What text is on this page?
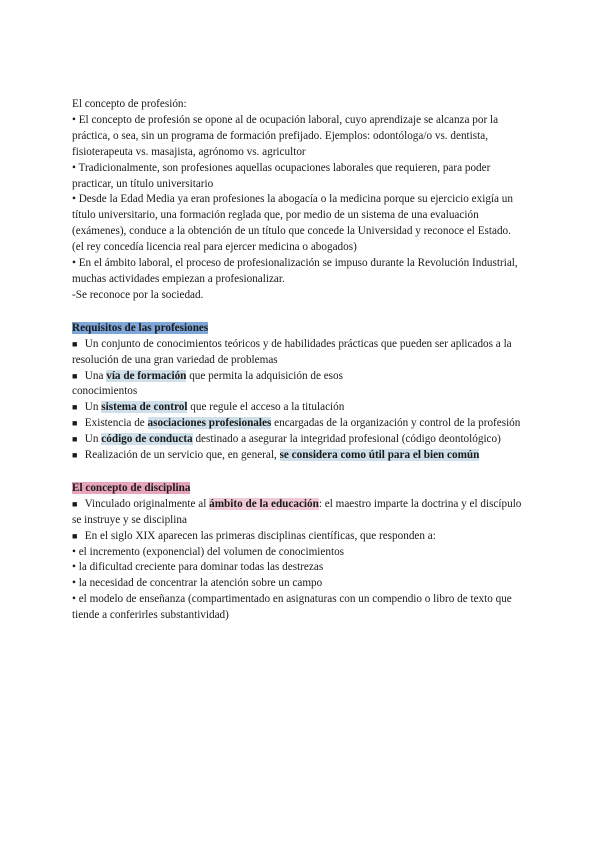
El concepto de profesión:

• El concepto de profesión se opone al de ocupación laboral, cuyo aprendizaje se alcanza por la práctica, o sea, sin un programa de formación prefijado. Ejemplos: odontóloga/o vs. dentista, fisioterapeuta vs. masajista, agrónomo vs. agricultor

• Tradicionalmente, son profesiones aquellas ocupaciones laborales que requieren, para poder practicar, un título universitario

• Desde la Edad Media ya eran profesiones la abogacía o la medicina porque su ejercicio exigía un título universitario, una formación reglada que, por medio de un sistema de una evaluación (exámenes), conduce a la obtención de un título que concede la Universidad y reconoce el Estado. (el rey concedía licencia real para ejercer medicina o abogados)

• En el ámbito laboral, el proceso de profesionalización se impuso durante la Revolución Industrial, muchas actividades empiezan a profesionalizar.

-Se reconoce por la sociedad.

Requisitos de las profesiones

■ Un conjunto de conocimientos teóricos y de habilidades prácticas que pueden ser aplicados a la resolución de una gran variedad de problemas

■ Una vía de formación que permita la adquisición de esos
conocimientos

■ Un sistema de control que regule el acceso a la titulación

■ Existencia de asociaciones profesionales encargadas de la organización y control de la profesión

■ Un código de conducta destinado a asegurar la integridad profesional (código deontológico)

■ Realización de un servicio que, en general, se considera como útil para el bien común

El concepto de disciplina

■ Vinculado originalmente al ámbito de la educación: el maestro imparte la doctrina y el discípulo se instruye y se disciplina

■ En el siglo XIX aparecen las primeras disciplinas científicas, que responden a:

• el incremento (exponencial) del volumen de conocimientos

• la dificultad creciente para dominar todas las destrezas

• la necesidad de concentrar la atención sobre un campo

• el modelo de enseñanza (compartimentado en asignaturas con un compendio o libro de texto que tiende a conferirles substantividad)
